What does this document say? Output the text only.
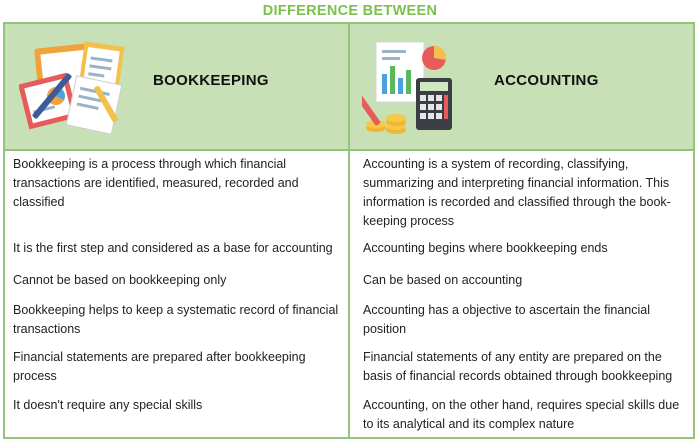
DIFFERENCE BETWEEN
BOOKKEEPING	ACCOUNTING
Bookkeeping is a process through which financial transactions are identified, measured, recorded and classified
It is the first step and considered as a base for accounting
Cannot be based on bookkeeping only
Bookkeeping helps to keep a systematic record of financial transactions
Financial statements are prepared after bookkeeping process
It doesn't require any special skills
Accounting is a system of recording, classifying, summarizing and interpreting financial information. This information is recorded and classified through the book-keeping process
Accounting begins where bookkeeping ends
Can be based on accounting
Accounting has a objective to ascertain the financial position
Financial statements of any entity are prepared on the basis of financial records obtained through bookkeeping
Accounting, on the other hand, requires special skills due to its analytical and its complex nature
